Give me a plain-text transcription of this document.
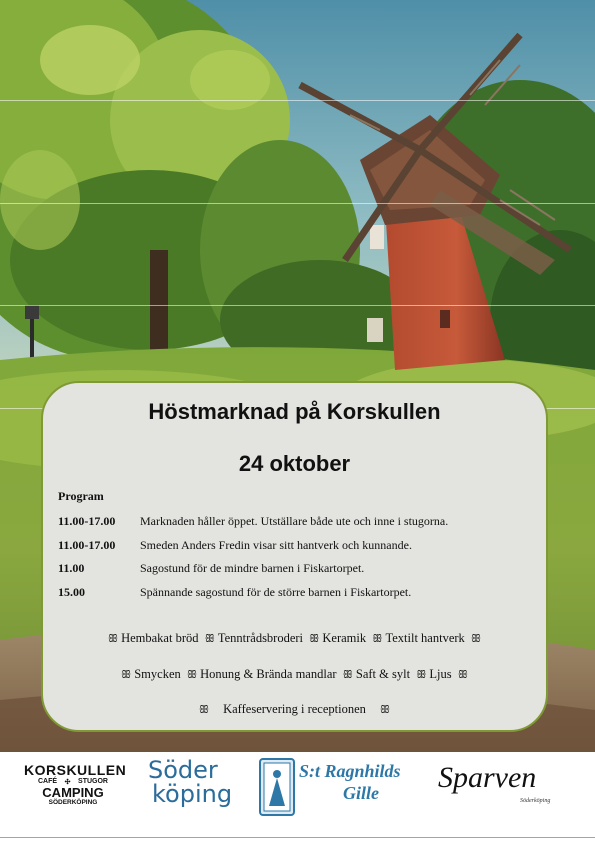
Höstmarknad på Korskullen
24 oktober
Program
11.00-17.00 Marknaden håller öppet. Utställare både ute och inne i stugorna.
11.00-17.00 Smeden Anders Fredin visar sitt hantverk och kunnande.
11.00	Sagostund för de mindre barnen i Fiskartorpet.
15.00	Spännande sagostund för de större barnen i Fiskartorpet.
ꕥ Hembakat bröd ꕥ Tenntrådsbroderi ꕥ Keramik ꕥ Textilt hantverk ꕥ
ꕥ Smycken ꕥ Honung & Brända mandlar ꕥ Saft & sylt ꕥ Ljus ꕥ
ꕥ Kaffeservering i receptionen ꕥ
KORSKULLEN
CAFÉ ✣ STUGOR
CAMPING
SÖDERKÖPING
Söder
köping
S:t Ragnhilds
Gille	Sparven
Söderköping
